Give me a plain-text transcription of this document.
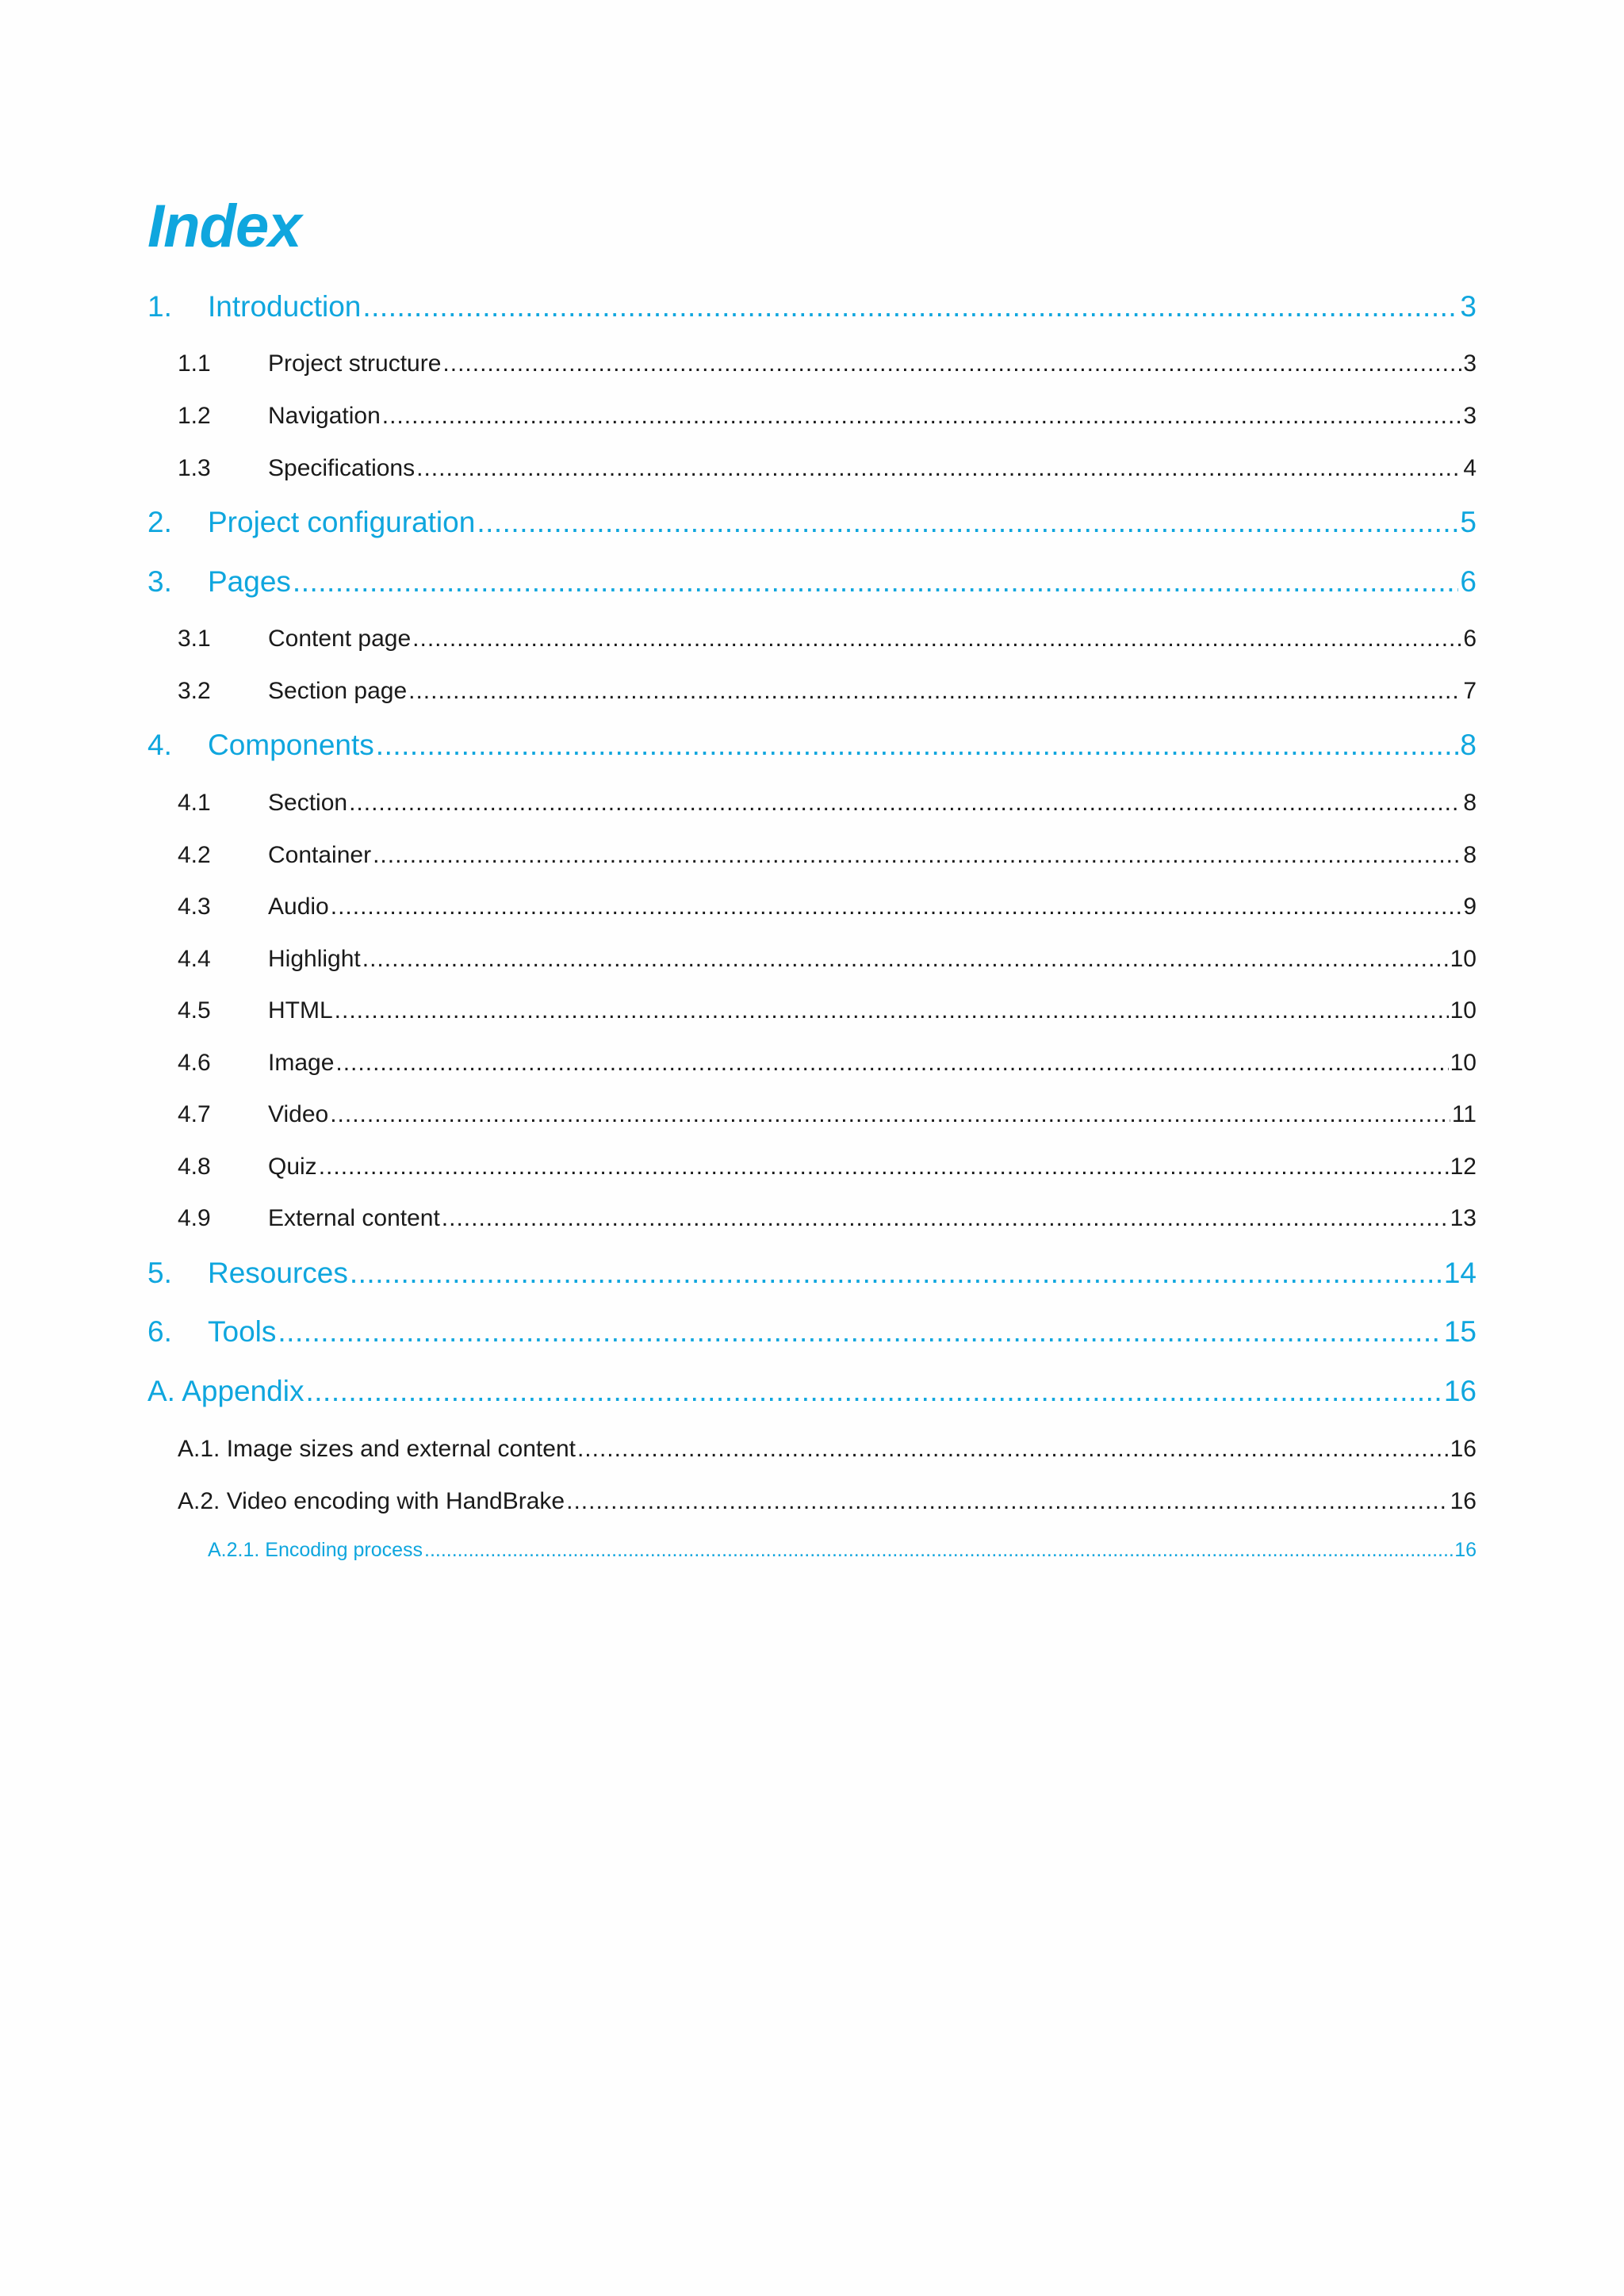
Index
1.	Introduction .....	3
1.1	Project structure .....	3
1.2	Navigation .....	3
1.3	Specifications .....	4
2.	Project configuration .....	5
3.	Pages .....	6
3.1	Content page .....	6
3.2	Section page .....	7
4.	Components .....	8
4.1	Section .....	8
4.2	Container .....	8
4.3	Audio .....	9
4.4	Highlight .....	10
4.5	HTML .....	10
4.6	Image .....	10
4.7	Video .....	11
4.8	Quiz .....	12
4.9	External content .....	13
5.	Resources .....	14
6.	Tools .....	15
A. Appendix .....	16
A.1. Image sizes and external content .....	16
A.2. Video encoding with HandBrake .....	16
A.2.1. Encoding process .....	16
